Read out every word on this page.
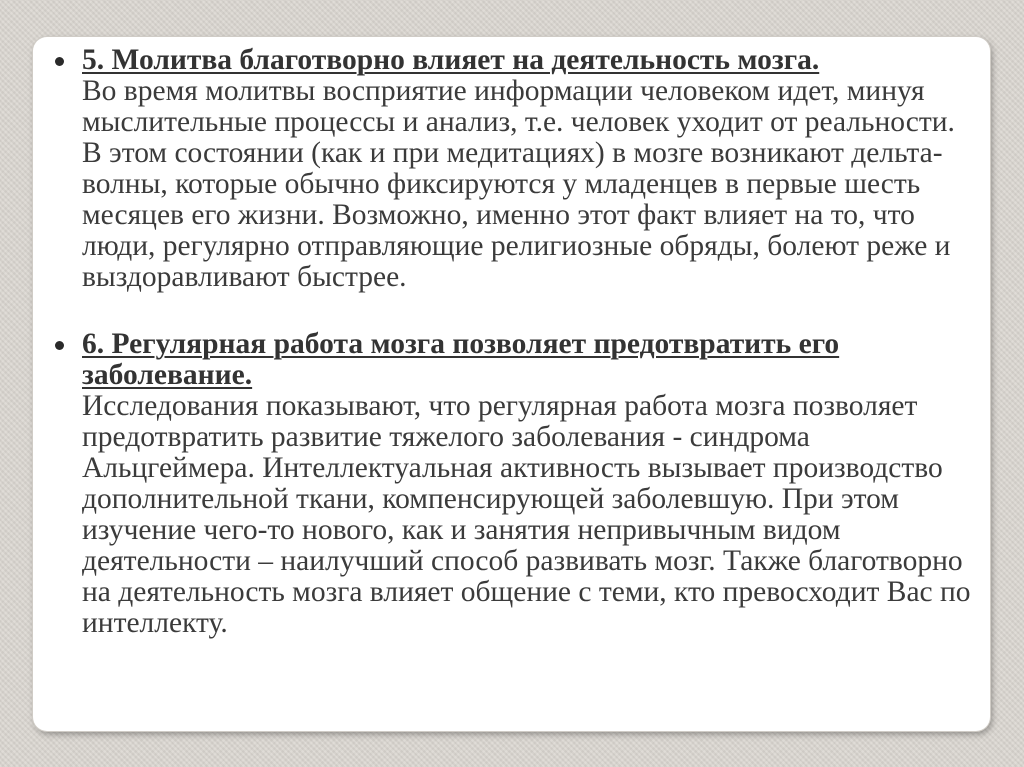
5. Молитва благотворно влияет на деятельность мозга.
Во время молитвы восприятие информации человеком идет, минуя мыслительные процессы и анализ, т.е. человек уходит от реальности. В этом состоянии (как и при медитациях) в мозге возникают дельта-волны, которые обычно фиксируются у младенцев в первые шесть месяцев его жизни. Возможно, именно этот факт влияет на то, что люди, регулярно отправляющие религиозные обряды, болеют реже и выздоравливают быстрее.
6. Регулярная работа мозга позволяет предотвратить его заболевание.
Исследования показывают, что регулярная работа мозга позволяет предотвратить развитие тяжелого заболевания - синдрома Альцгеймера. Интеллектуальная активность вызывает производство дополнительной ткани, компенсирующей заболевшую. При этом изучение чего-то нового, как и занятия непривычным видом деятельности – наилучший способ развивать мозг. Также благотворно на деятельность мозга влияет общение с теми, кто превосходит Вас по интеллекту.
